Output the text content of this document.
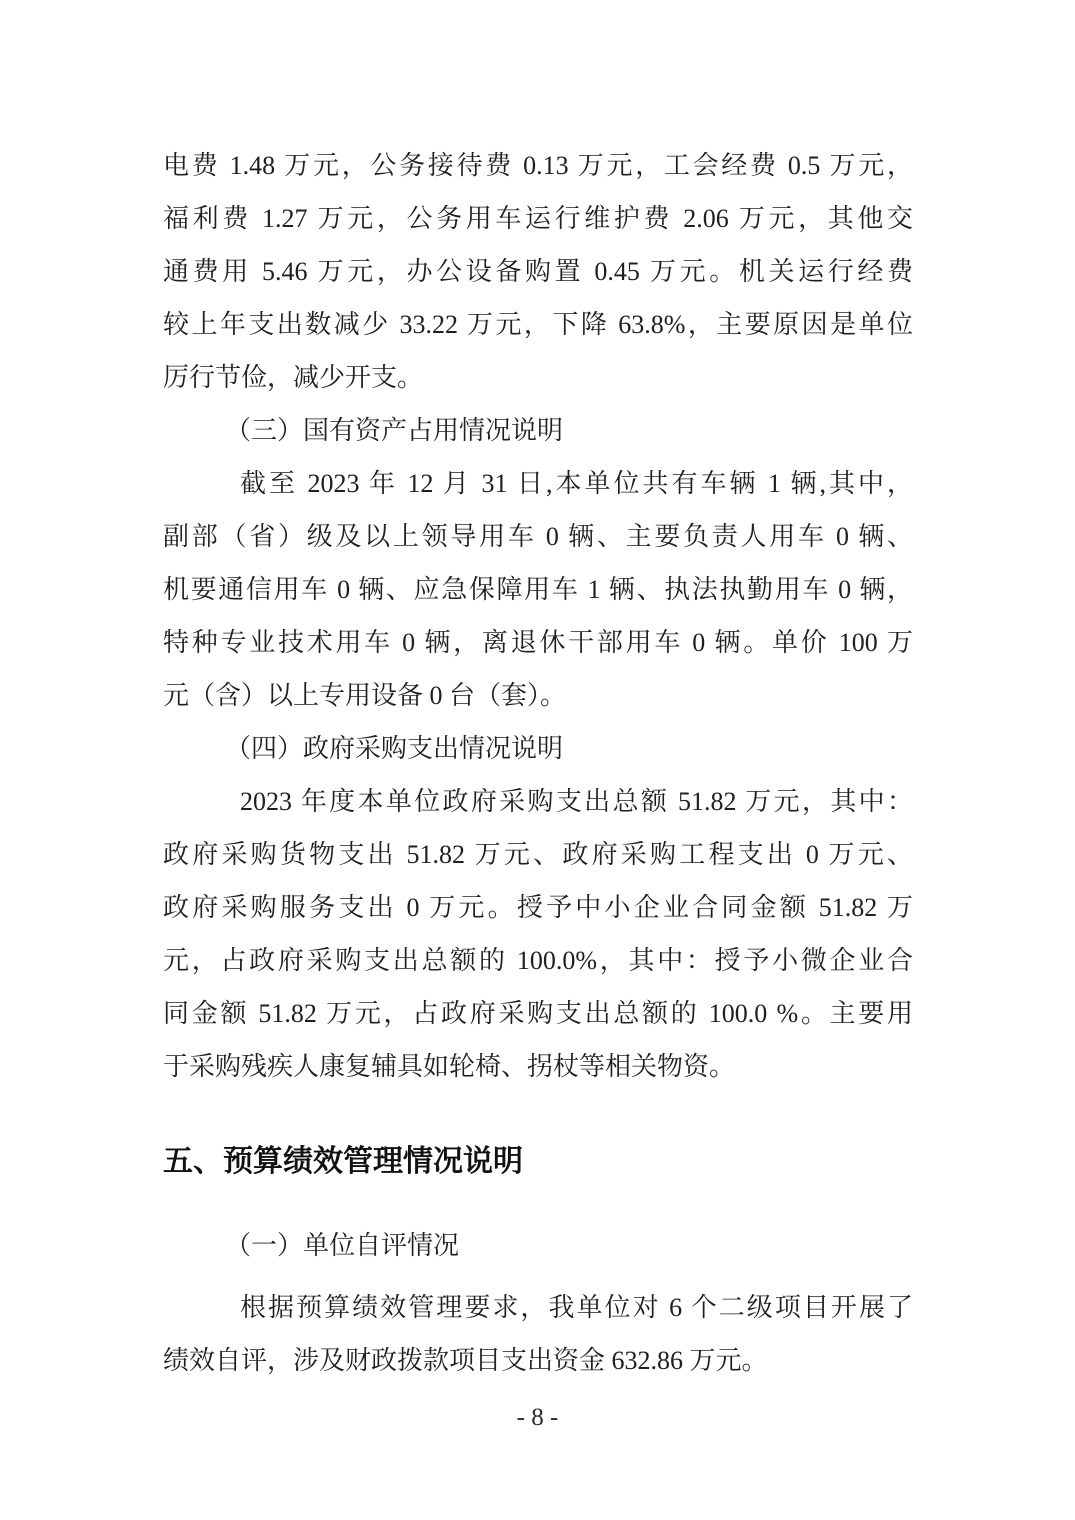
电费 1.48 万元，公务接待费 0.13 万元，工会经费 0.5 万元，
福利费 1.27 万元，公务用车运行维护费 2.06 万元，其他交
通费用 5.46 万元，办公设备购置 0.45 万元。机关运行经费
较上年支出数减少 33.22 万元，下降 63.8%，主要原因是单位
厉行节俭，减少开支。
（三）国有资产占用情况说明
截至 2023 年 12 月 31 日,本单位共有车辆 1 辆,其中，
副部（省）级及以上领导用车 0 辆、主要负责人用车 0 辆、
机要通信用车 0 辆、应急保障用车 1 辆、执法执勤用车 0 辆，
特种专业技术用车 0 辆，离退休干部用车 0 辆。单价 100 万
元（含）以上专用设备 0 台（套）。
（四）政府采购支出情况说明
2023 年度本单位政府采购支出总额 51.82 万元，其中：
政府采购货物支出 51.82 万元、政府采购工程支出 0 万元、
政府采购服务支出 0 万元。授予中小企业合同金额 51.82 万
元，占政府采购支出总额的 100.0%，其中：授予小微企业合
同金额 51.82 万元，占政府采购支出总额的 100.0 %。主要用
于采购残疾人康复辅具如轮椅、拐杖等相关物资。
五、预算绩效管理情况说明
（一）单位自评情况
根据预算绩效管理要求，我单位对 6 个二级项目开展了
绩效自评，涉及财政拨款项目支出资金 632.86 万元。
- 8 -
